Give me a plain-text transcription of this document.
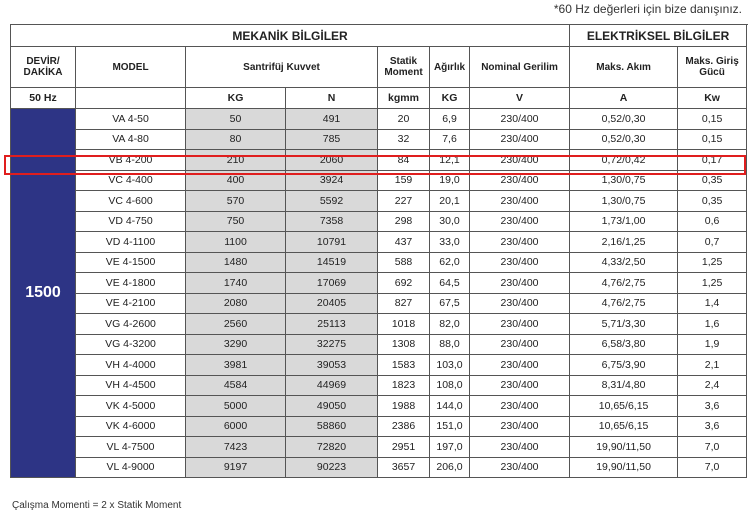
*60 Hz değerleri için bize danışınız.
MEKANİK BİLGİLER							ELEKTRİKSEL BİLGİLER	
DEVİR/ DAKİKA	MODEL	Santrifüj Kuvvet		Statik Moment	Ağırlık	Nominal Gerilim	Maks. Akım	Maks. Giriş Gücü
50 Hz		KG	N	kgmm	KG	V	A	Kw
1500	VA 4-50	50	491	20	6,9	230/400	0,52/0,30	0,15
	VA 4-80	80	785	32	7,6	230/400	0,52/0,30	0,15
	VB 4-200	210	2060	84	12,1	230/400	0,72/0,42	0,17
	VC 4-400	400	3924	159	19,0	230/400	1,30/0,75	0,35
	VC 4-600	570	5592	227	20,1	230/400	1,30/0,75	0,35
	VD 4-750	750	7358	298	30,0	230/400	1,73/1,00	0,6
	VD 4-1100	1100	10791	437	33,0	230/400	2,16/1,25	0,7
	VE 4-1500	1480	14519	588	62,0	230/400	4,33/2,50	1,25
	VE 4-1800	1740	17069	692	64,5	230/400	4,76/2,75	1,25
	VE 4-2100	2080	20405	827	67,5	230/400	4,76/2,75	1,4
	VG 4-2600	2560	25113	1018	82,0	230/400	5,71/3,30	1,6
	VG 4-3200	3290	32275	1308	88,0	230/400	6,58/3,80	1,9
	VH 4-4000	3981	39053	1583	103,0	230/400	6,75/3,90	2,1
	VH 4-4500	4584	44969	1823	108,0	230/400	8,31/4,80	2,4
	VK 4-5000	5000	49050	1988	144,0	230/400	10,65/6,15	3,6
	VK 4-6000	6000	58860	2386	151,0	230/400	10,65/6,15	3,6
	VL 4-7500	7423	72820	2951	197,0	230/400	19,90/11,50	7,0
	VL 4-9000	9197	90223	3657	206,0	230/400	19,90/11,50	7,0
Çalışma Momenti = 2 x Statik Moment
